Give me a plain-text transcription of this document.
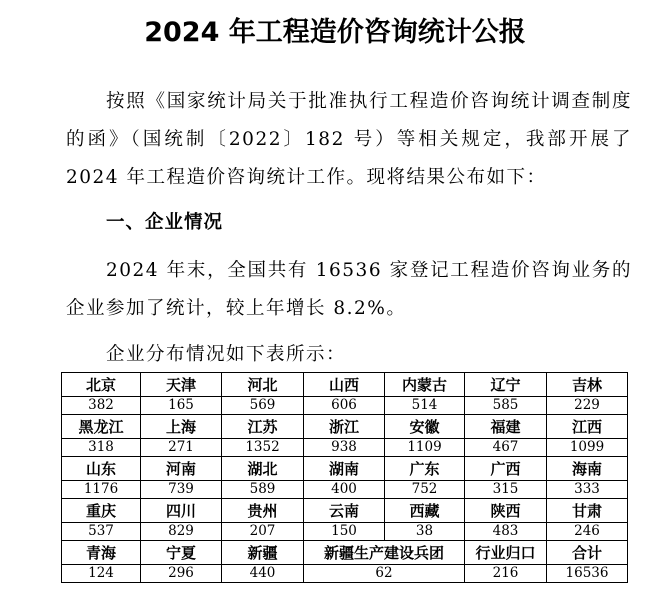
2024 年工程造价咨询统计公报
按照《国家统计局关于批准执行工程造价咨询统计调查制度的函》（国统制〔2022〕182 号）等相关规定，我部开展了 2024 年工程造价咨询统计工作。现将结果公布如下：
一、企业情况
2024 年末，全国共有 16536 家登记工程造价咨询业务的企业参加了统计，较上年增长 8.2%。
企业分布情况如下表所示：
北京	天津	河北	山西	内蒙古	辽宁	吉林
382	165	569	606	514	585	229
黑龙江	上海	江苏	浙江	安徽	福建	江西
318	271	1352	938	1109	467	1099
山东	河南	湖北	湖南	广东	广西	海南
1176	739	589	400	752	315	333
重庆	四川	贵州	云南	西藏	陕西	甘肃
537	829	207	150	38	483	246
青海	宁夏	新疆	新疆生产建设兵团		行业归口	合计
124	296	440	62		216	16536
